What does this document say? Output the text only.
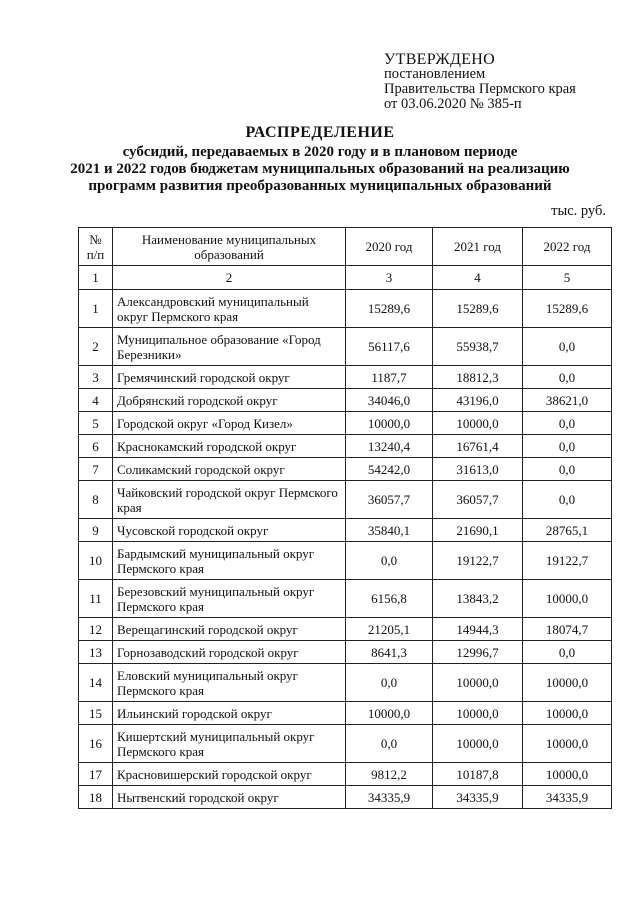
УТВЕРЖДЕНО
постановлением
Правительства Пермского края
от 03.06.2020 № 385-п
РАСПРЕДЕЛЕНИЕ
субсидий, передаваемых в 2020 году и в плановом периоде
2021 и 2022 годов бюджетам муниципальных образований на реализацию
программ развития преобразованных муниципальных образований
тыс. руб.
№ п/п	Наименование муниципальных образований	2020 год	2021 год	2022 год
1	2	3	4	5
1	Александровский муниципальный округ Пермского края	15289,6	15289,6	15289,6
2	Муниципальное образование «Город Березники»	56117,6	55938,7	0,0
3	Гремячинский городской округ	1187,7	18812,3	0,0
4	Добрянский городской округ	34046,0	43196,0	38621,0
5	Городской округ «Город Кизел»	10000,0	10000,0	0,0
6	Краснокамский городской округ	13240,4	16761,4	0,0
7	Соликамский городской округ	54242,0	31613,0	0,0
8	Чайковский городской округ Пермского края	36057,7	36057,7	0,0
9	Чусовской городской округ	35840,1	21690,1	28765,1
10	Бардымский муниципальный округ Пермского края	0,0	19122,7	19122,7
11	Березовский муниципальный округ Пермского края	6156,8	13843,2	10000,0
12	Верещагинский городской округ	21205,1	14944,3	18074,7
13	Горнозаводский городской округ	8641,3	12996,7	0,0
14	Еловский муниципальный округ Пермского края	0,0	10000,0	10000,0
15	Ильинский городской округ	10000,0	10000,0	10000,0
16	Кишертский муниципальный округ Пермского края	0,0	10000,0	10000,0
17	Красновишерский городской округ	9812,2	10187,8	10000,0
18	Нытвенский городской округ	34335,9	34335,9	34335,9
